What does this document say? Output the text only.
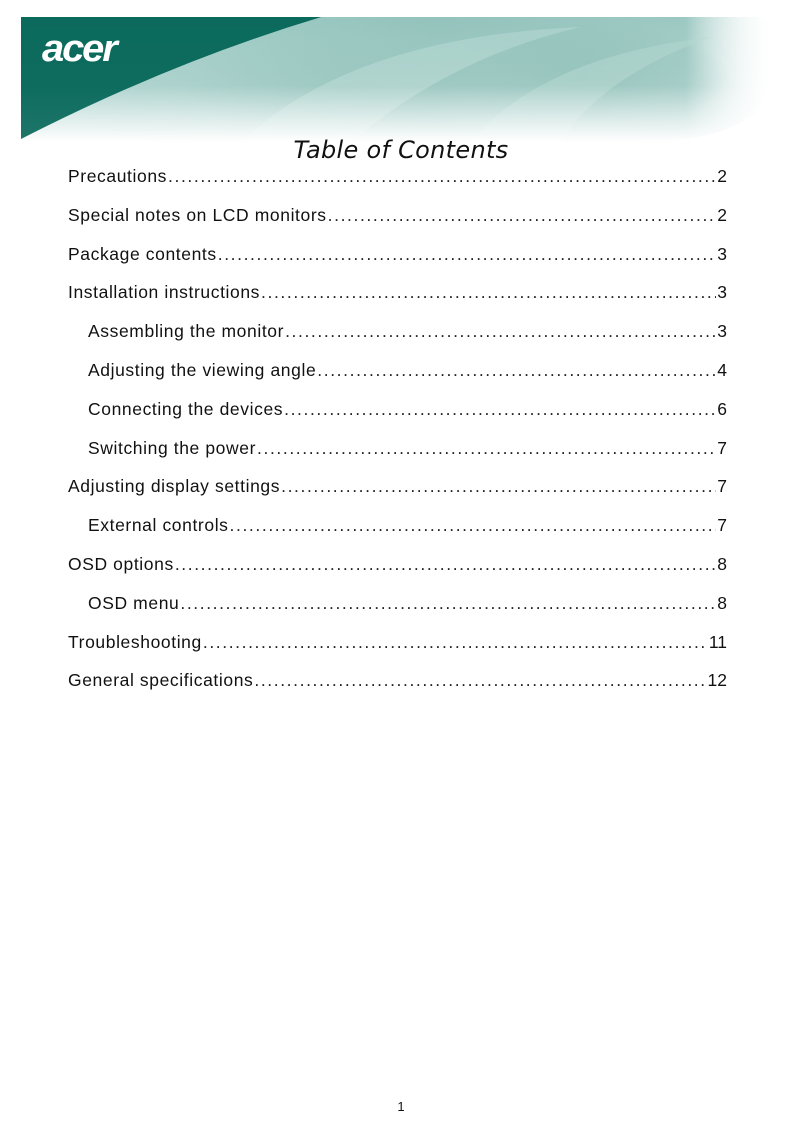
acer
Table of Contents
Precautions .....	2
Special notes on LCD monitors .....	2
Package contents .....	3
Installation instructions .....	3
Assembling the monitor .....	3
Adjusting the viewing angle .....	4
Connecting the devices .....	6
Switching the power .....	7
Adjusting display settings .....	7
External controls .....	7
OSD options .....	8
OSD menu .....	8
Troubleshooting .....	11
General specifications .....	12
1
